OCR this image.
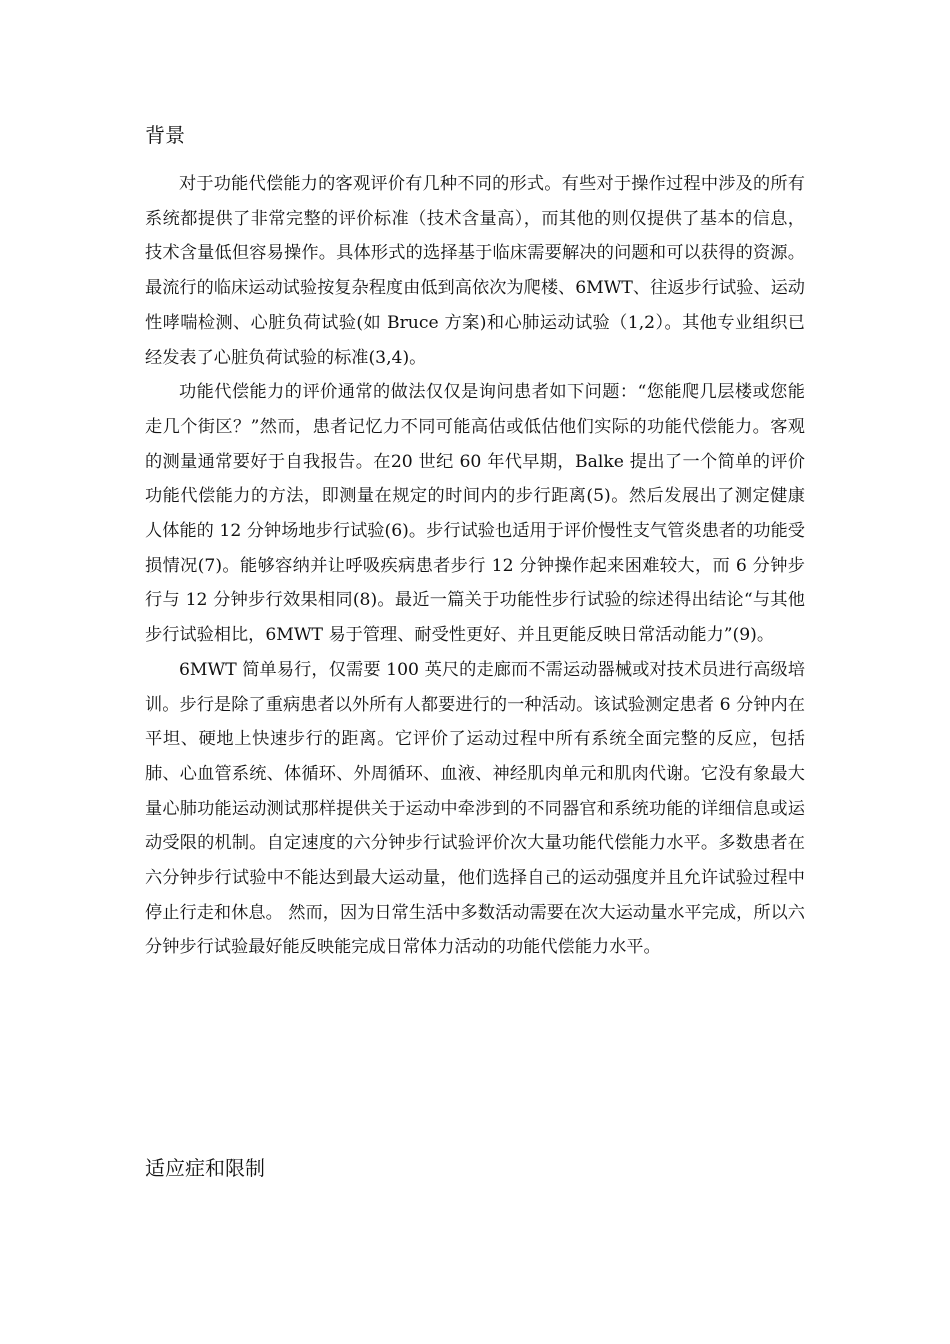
背景

对于功能代偿能力的客观评价有几种不同的形式。有些对于操作过程中涉及的所有系统都提供了非常完整的评价标准（技术含量高），而其他的则仅提供了基本的信息，技术含量低但容易操作。具体形式的选择基于临床需要解决的问题和可以获得的资源。最流行的临床运动试验按复杂程度由低到高依次为爬楼、6MWT、往返步行试验、运动性哮喘检测、心脏负荷试验(如 Bruce 方案)和心肺运动试验（1,2）。其他专业组织已经发表了心脏负荷试验的标准(3,4)。

功能代偿能力的评价通常的做法仅仅是询问患者如下问题：“您能爬几层楼或您能走几个街区？”然而，患者记忆力不同可能高估或低估他们实际的功能代偿能力。客观的测量通常要好于自我报告。在20 世纪 60 年代早期，Balke 提出了一个简单的评价功能代偿能力的方法，即测量在规定的时间内的步行距离(5)。然后发展出了测定健康人体能的 12 分钟场地步行试验(6)。步行试验也适用于评价慢性支气管炎患者的功能受损情况(7)。能够容纳并让呼吸疾病患者步行 12 分钟操作起来困难较大，而 6 分钟步行与 12 分钟步行效果相同(8)。最近一篇关于功能性步行试验的综述得出结论“与其他步行试验相比，6MWT 易于管理、耐受性更好、并且更能反映日常活动能力”(9)。

6MWT 简单易行，仅需要 100 英尺的走廊而不需运动器械或对技术员进行高级培训。步行是除了重病患者以外所有人都要进行的一种活动。该试验测定患者 6 分钟内在平坦、硬地上快速步行的距离。它评价了运动过程中所有系统全面完整的反应，包括肺、心血管系统、体循环、外周循环、血液、神经肌肉单元和肌肉代谢。它没有象最大量心肺功能运动测试那样提供关于运动中牵涉到的不同器官和系统功能的详细信息或运动受限的机制。自定速度的六分钟步行试验评价次大量功能代偿能力水平。多数患者在六分钟步行试验中不能达到最大运动量，他们选择自己的运动强度并且允许试验过程中停止行走和休息。 然而，因为日常生活中多数活动需要在次大运动量水平完成，所以六分钟步行试验最好能反映能完成日常体力活动的功能代偿能力水平。

适应症和限制
